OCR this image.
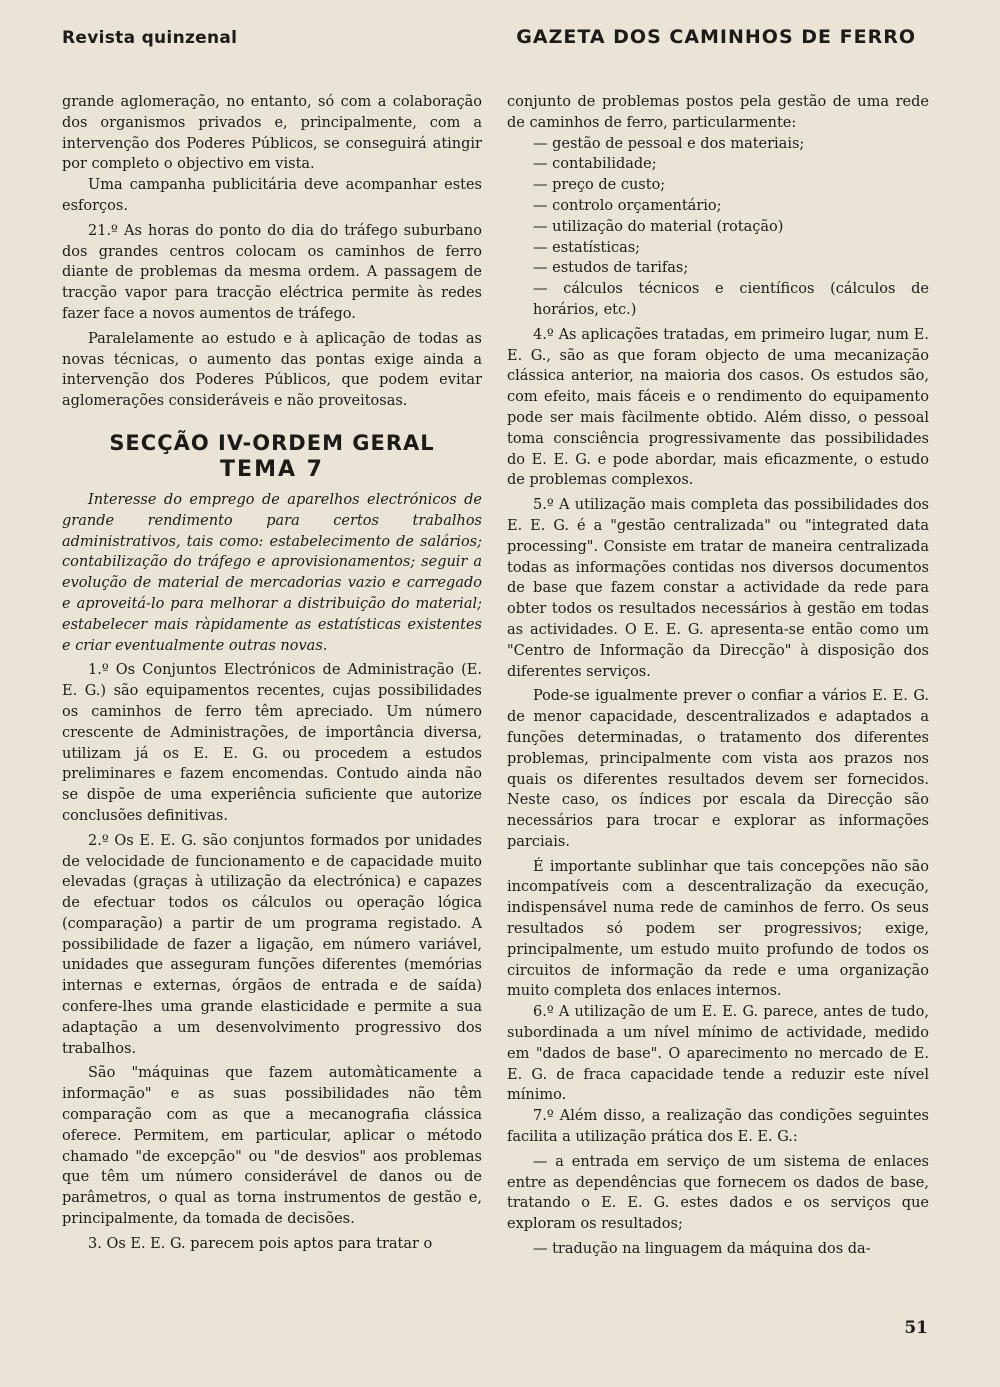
Revista quinzenal	GAZETA DOS CAMINHOS DE FERRO

grande aglomeração, no entanto, só com a colaboração dos organismos privados e, principalmente, com a intervenção dos Poderes Públicos, se conseguirá atingir por completo o objectivo em vista.

Uma campanha publicitária deve acompanhar estes esforços.

21.º As horas do ponto do dia do tráfego suburbano dos grandes centros colocam os caminhos de ferro diante de problemas da mesma ordem. A passagem de tracção vapor para tracção eléctrica permite às redes fazer face a novos aumentos de tráfego.

Paralelamente ao estudo e à aplicação de todas as novas técnicas, o aumento das pontas exige ainda a intervenção dos Poderes Públicos, que podem evitar aglomerações consideráveis e não proveitosas.

SECÇÃO IV-ORDEM GERAL
TEMA 7

Interesse do emprego de aparelhos electrónicos de grande rendimento para certos trabalhos administrativos, tais como: estabelecimento de salários; contabilização do tráfego e aprovisionamentos; seguir a evolução de material de mercadorias vazio e carregado e aproveitá-lo para melhorar a distribuição do material; estabelecer mais ràpidamente as estatísticas existentes e criar eventualmente outras novas.

1.º Os Conjuntos Electrónicos de Administração (E. E. G.) são equipamentos recentes, cujas possibilidades os caminhos de ferro têm apreciado. Um número crescente de Administrações, de importância diversa, utilizam já os E. E. G. ou procedem a estudos preliminares e fazem encomendas. Contudo ainda não se dispõe de uma experiência suficiente que autorize conclusões definitivas.

2.º Os E. E. G. são conjuntos formados por unidades de velocidade de funcionamento e de capacidade muito elevadas (graças à utilização da electrónica) e capazes de efectuar todos os cálculos ou operação lógica (comparação) a partir de um programa registado. A possibilidade de fazer a ligação, em número variável, unidades que asseguram funções diferentes (memórias internas e externas, órgãos de entrada e de saída) confere-lhes uma grande elasticidade e permite a sua adaptação a um desenvolvimento progressivo dos trabalhos.

São "máquinas que fazem automàticamente a informação" e as suas possibilidades não têm comparação com as que a mecanografia clássica oferece. Permitem, em particular, aplicar o método chamado "de excepção" ou "de desvios" aos problemas que têm um número considerável de danos ou de parâmetros, o qual as torna instrumentos de gestão e, principalmente, da tomada de decisões.

3. Os E. E. G. parecem pois aptos para tratar o

conjunto de problemas postos pela gestão de uma rede de caminhos de ferro, particularmente:

— gestão de pessoal e dos materiais;

— contabilidade;

— preço de custo;

— controlo orçamentário;

— utilização do material (rotação)

— estatísticas;

— estudos de tarifas;

— cálculos técnicos e científicos (cálculos de horários, etc.)

4.º As aplicações tratadas, em primeiro lugar, num E. E. G., são as que foram objecto de uma mecanização clássica anterior, na maioria dos casos. Os estudos são, com efeito, mais fáceis e o rendimento do equipamento pode ser mais fàcilmente obtido. Além disso, o pessoal toma consciência progressivamente das possibilidades do E. E. G. e pode abordar, mais eficazmente, o estudo de problemas complexos.

5.º A utilização mais completa das possibilidades dos E. E. G. é a "gestão centralizada" ou "integrated data processing". Consiste em tratar de maneira centralizada todas as informações contidas nos diversos documentos de base que fazem constar a actividade da rede para obter todos os resultados necessários à gestão em todas as actividades. O E. E. G. apresenta-se então como um "Centro de Informação da Direcção" à disposição dos diferentes serviços.

Pode-se igualmente prever o confiar a vários E. E. G. de menor capacidade, descentralizados e adaptados a funções determinadas, o tratamento dos diferentes problemas, principalmente com vista aos prazos nos quais os diferentes resultados devem ser fornecidos. Neste caso, os índices por escala da Direcção são necessários para trocar e explorar as informações parciais.

É importante sublinhar que tais concepções não são incompatíveis com a descentralização da execução, indispensável numa rede de caminhos de ferro. Os seus resultados só podem ser progressivos; exige, principalmente, um estudo muito profundo de todos os circuitos de informação da rede e uma organização muito completa dos enlaces internos.

6.º A utilização de um E. E. G. parece, antes de tudo, subordinada a um nível mínimo de actividade, medido em "dados de base". O aparecimento no mercado de E. E. G. de fraca capacidade tende a reduzir este nível mínimo.

7.º Além disso, a realização das condições seguintes facilita a utilização prática dos E. E. G.:

— a entrada em serviço de um sistema de enlaces entre as dependências que fornecem os dados de base, tratando o E. E. G. estes dados e os serviços que exploram os resultados;

— tradução na linguagem da máquina dos da-

51
